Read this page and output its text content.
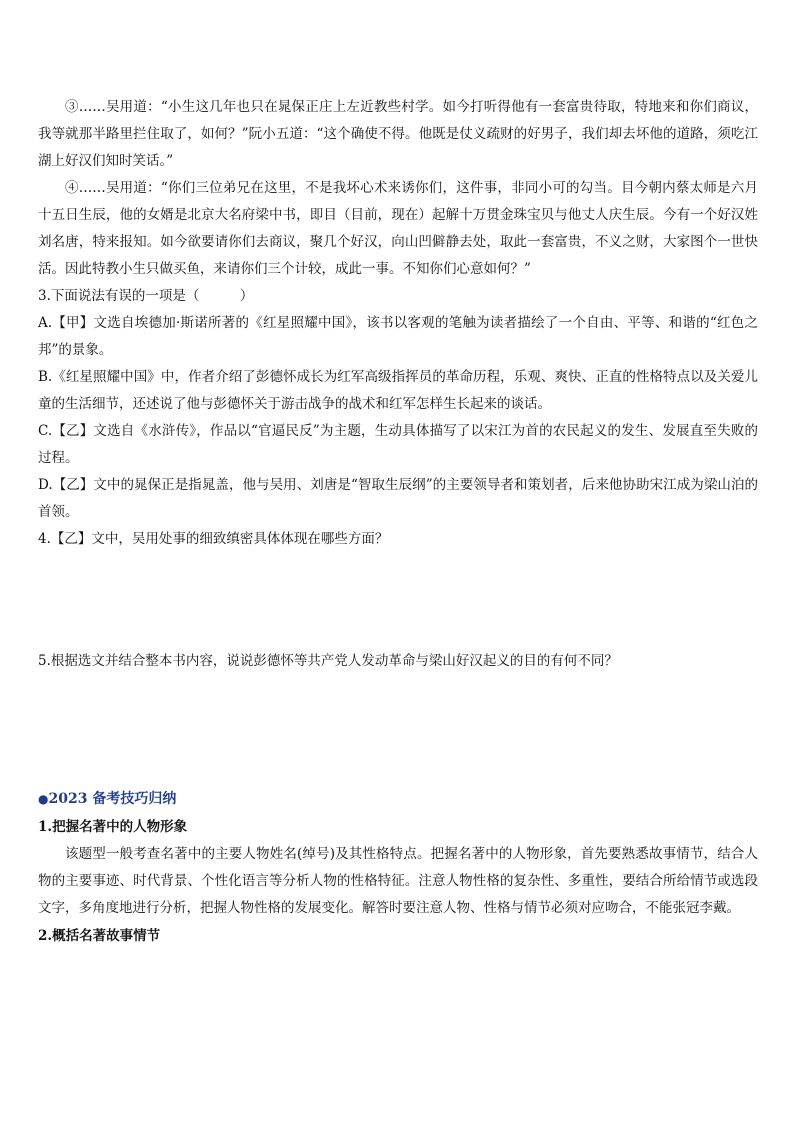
③……吴用道：“小生这几年也只在晁保正庄上左近教些村学。如今打听得他有一套富贵待取，特地来和你们商议，我等就那半路里拦住取了，如何？”阮小五道：“这个确使不得。他既是仗义疏财的好男子，我们却去坏他的道路，须吃江湖上好汉们知时笑话。”

④……吴用道：“你们三位弟兄在这里，不是我坏心术来诱你们，这件事，非同小可的勾当。目今朝内蔡太师是六月十五日生辰，他的女婿是北京大名府梁中书，即目（目前，现在）起解十万贯金珠宝贝与他丈人庆生辰。今有一个好汉姓刘名唐，特来报知。如今欲要请你们去商议，聚几个好汉，向山凹僻静去处，取此一套富贵，不义之财，大家图个一世快活。因此特教小生只做买鱼，来请你们三个计较，成此一事。不知你们心意如何？”

3.下面说法有误的一项是（　　　）

A.【甲】文选自埃德加·斯诺所著的《红星照耀中国》，该书以客观的笔触为读者描绘了一个自由、平等、和谐的“红色之邦”的景象。

B.《红星照耀中国》中，作者介绍了彭德怀成长为红军高级指挥员的革命历程，乐观、爽快、正直的性格特点以及关爱儿童的生活细节，还述说了他与彭德怀关于游击战争的战术和红军怎样生长起来的谈话。

C.【乙】文选自《水浒传》，作品以“官逼民反”为主题，生动具体描写了以宋江为首的农民起义的发生、发展直至失败的过程。

D.【乙】文中的晁保正是指晁盖，他与吴用、刘唐是“智取生辰纲”的主要领导者和策划者，后来他协助宋江成为梁山泊的首领。

4.【乙】文中，吴用处事的细致缜密具体体现在哪些方面？

5.根据选文并结合整本书内容，说说彭德怀等共产党人发动革命与梁山好汉起义的目的有何不同？

●2023 备考技巧归纳

1.把握名著中的人物形象

该题型一般考查名著中的主要人物姓名(绰号)及其性格特点。把握名著中的人物形象，首先要熟悉故事情节，结合人物的主要事迹、时代背景、个性化语言等分析人物的性格特征。注意人物性格的复杂性、多重性，要结合所给情节或选段文字，多角度地进行分析，把握人物性格的发展变化。解答时要注意人物、性格与情节必须对应吻合，不能张冠李戴。

2.概括名著故事情节
